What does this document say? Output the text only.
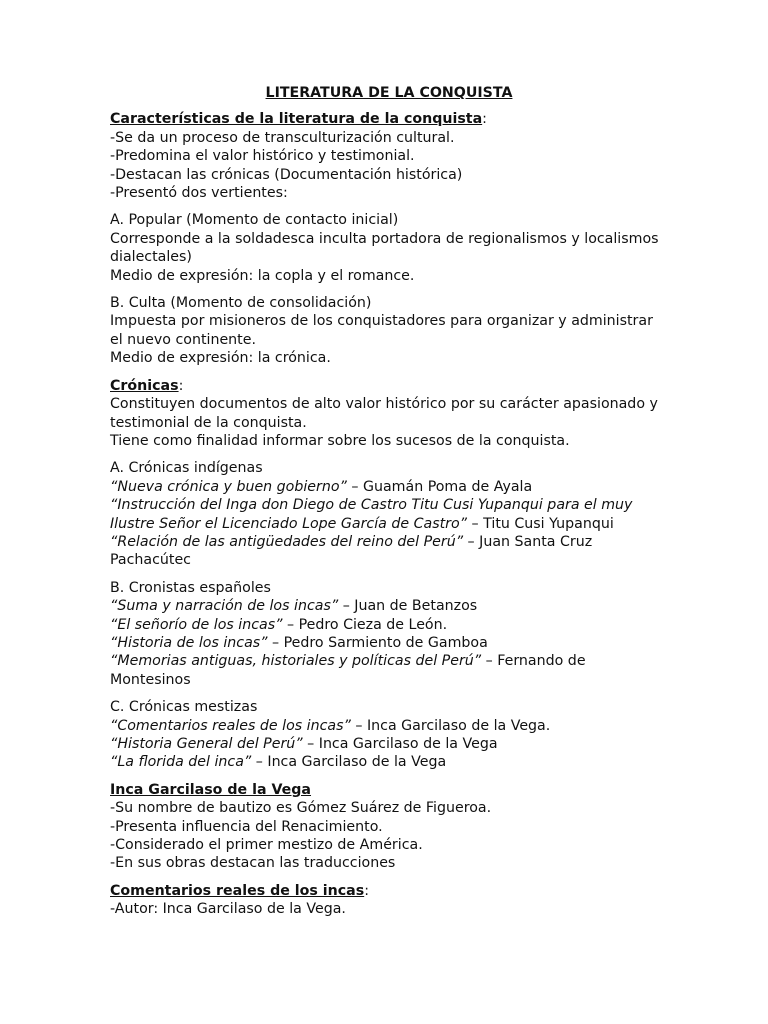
LITERATURA DE LA CONQUISTA
Características de la literatura de la conquista:
-Se da un proceso de transculturización cultural.
-Predomina el valor histórico y testimonial.
-Destacan las crónicas (Documentación histórica)
-Presentó dos vertientes:
A. Popular (Momento de contacto inicial)
Corresponde a la soldadesca inculta portadora de regionalismos y localismos dialectales)
Medio de expresión: la copla y el romance.
B. Culta (Momento de consolidación)
Impuesta por misioneros de los conquistadores para organizar y administrar el nuevo continente.
Medio de expresión: la crónica.
Crónicas:
Constituyen documentos de alto valor histórico por su carácter apasionado y testimonial de la conquista.
Tiene como finalidad informar sobre los sucesos de la conquista.
A. Crónicas indígenas
“Nueva crónica y buen gobierno” – Guamán Poma de Ayala
“Instrucción del Inga don Diego de Castro Titu Cusi Yupanqui para el muy Ilustre Señor el Licenciado Lope García de Castro” – Titu Cusi Yupanqui
“Relación de las antigüedades del reino del Perú” – Juan Santa Cruz Pachacútec
B. Cronistas españoles
“Suma y narración de los incas” – Juan de Betanzos
“El señorío de los incas” – Pedro Cieza de León.
“Historia de los incas” – Pedro Sarmiento de Gamboa
“Memorias antiguas, historiales y políticas del Perú” – Fernando de Montesinos
C. Crónicas mestizas
“Comentarios reales de los incas” – Inca Garcilaso de la Vega.
“Historia General del Perú” – Inca Garcilaso de la Vega
“La florida del inca” – Inca Garcilaso de la Vega
Inca Garcilaso de la Vega
-Su nombre de bautizo es Gómez Suárez de Figueroa.
-Presenta influencia del Renacimiento.
-Considerado el primer mestizo de América.
-En sus obras destacan las traducciones
Comentarios reales de los incas:
-Autor: Inca Garcilaso de la Vega.
